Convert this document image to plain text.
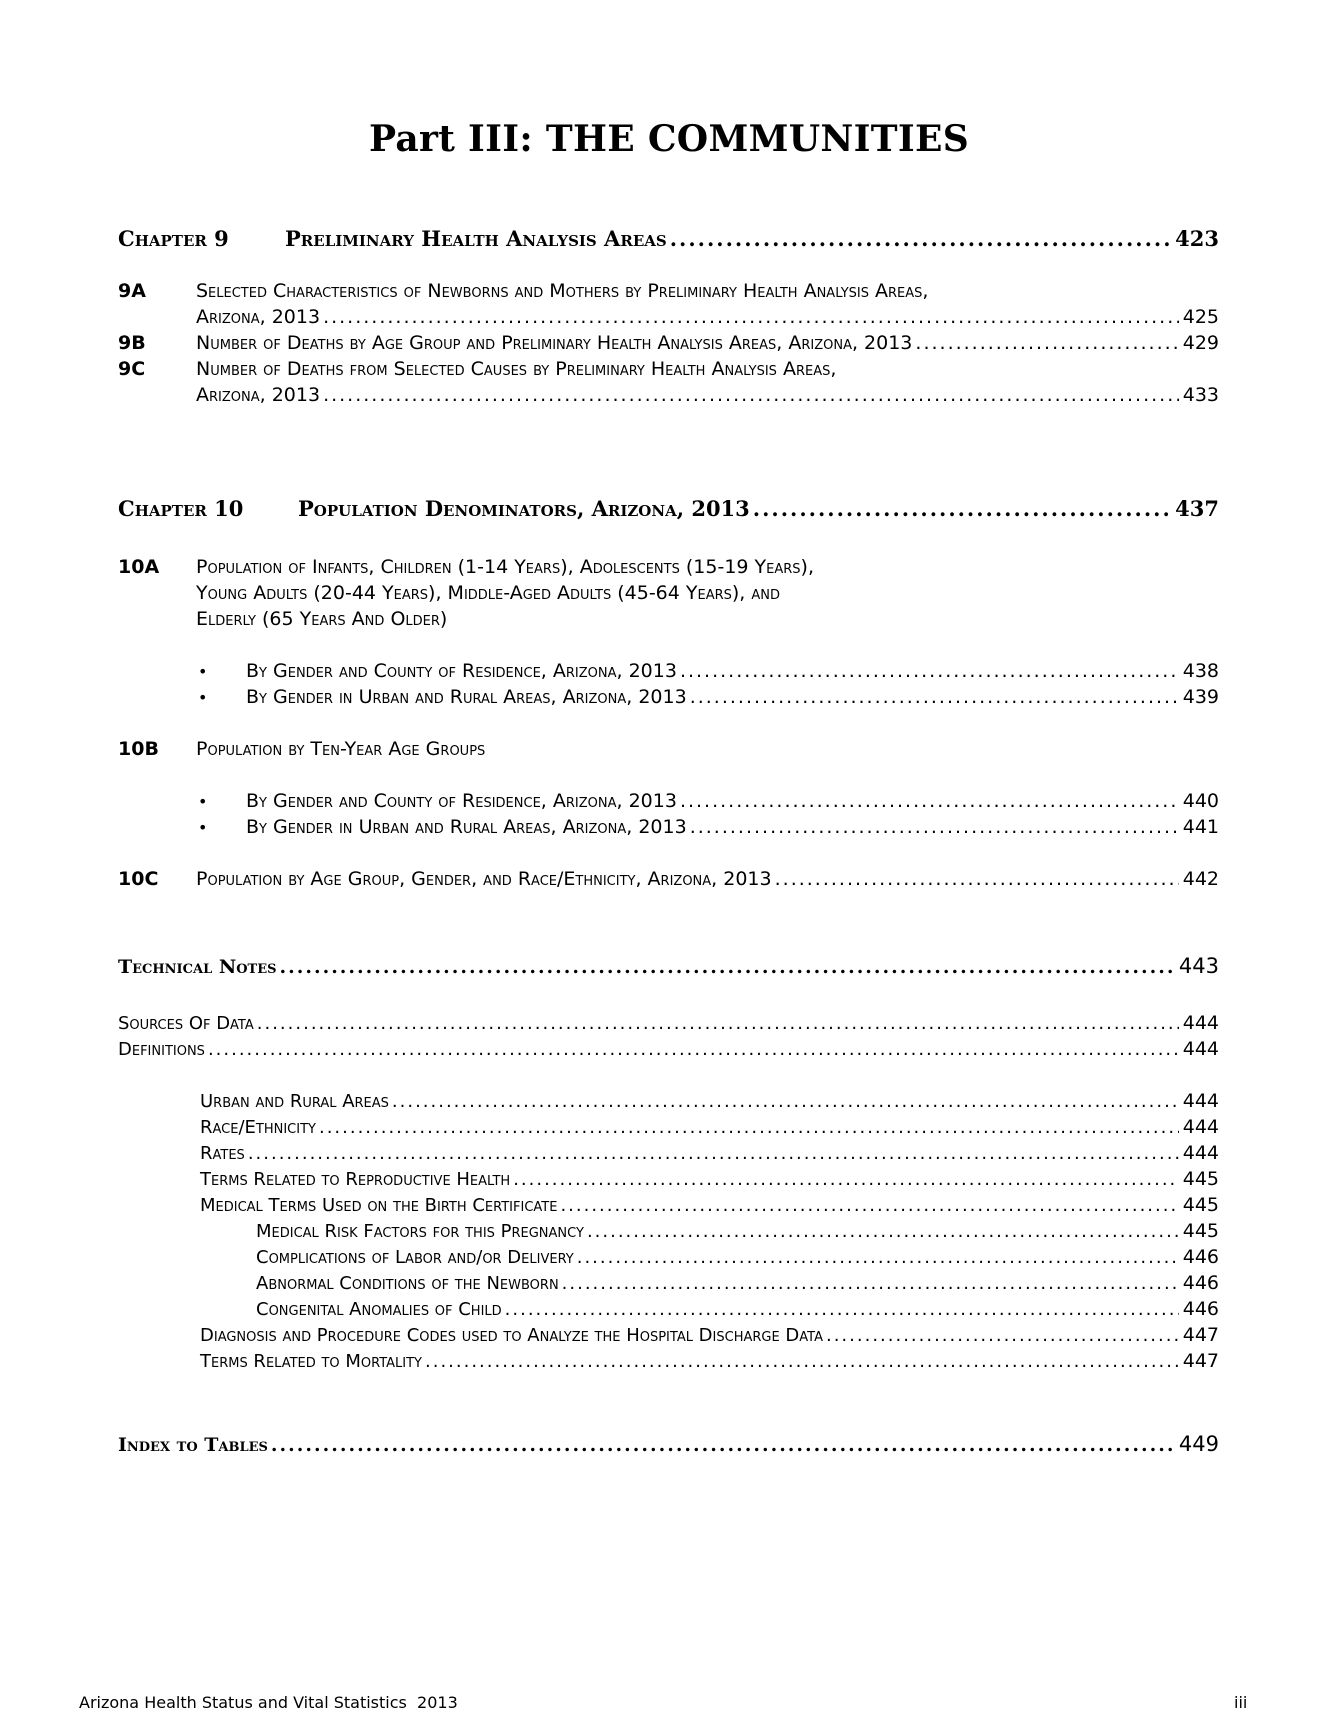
Part III: THE COMMUNITIES
Chapter 9	Preliminary Health Analysis Areas .....	423
9A	Selected Characteristics of Newborns and Mothers by Preliminary Health Analysis Areas,
Arizona, 2013 .....	425
9B	Number of Deaths by Age Group and Preliminary Health Analysis Areas, Arizona, 2013 .....	429
9C	Number of Deaths from Selected Causes by Preliminary Health Analysis Areas,
Arizona, 2013 .....	433
Chapter 10	Population Denominators, Arizona, 2013 .....	437
10A Population of Infants, Children (1-14 Years), Adolescents (15-19 Years),
Young Adults (20-44 Years), Middle-Aged Adults (45-64 Years), and
Elderly (65 Years And Older)
• By Gender and County of Residence, Arizona, 2013 .....	438
• By Gender in Urban and Rural Areas, Arizona, 2013 .....	439
10B Population by Ten-Year Age Groups
• By Gender and County of Residence, Arizona, 2013 .....	440
• By Gender in Urban and Rural Areas, Arizona, 2013 .....	441
10C Population by Age Group, Gender, and Race/Ethnicity, Arizona, 2013 .....	442
Technical Notes .....	443
Sources Of Data .....	444
Definitions .....	444
Urban and Rural Areas .....	444
Race/Ethnicity .....	444
Rates .....	444
Terms Related to Reproductive Health .....	445
Medical Terms Used on the Birth Certificate .....	445
Medical Risk Factors for this Pregnancy .....	445
Complications of Labor and/or Delivery .....	446
Abnormal Conditions of the Newborn .....	446
Congenital Anomalies of Child .....	446
Diagnosis and Procedure Codes used to Analyze the Hospital Discharge Data .....	447
Terms Related to Mortality .....	447
Index to Tables .....	449
Arizona Health Status and Vital Statistics  2013	iii
